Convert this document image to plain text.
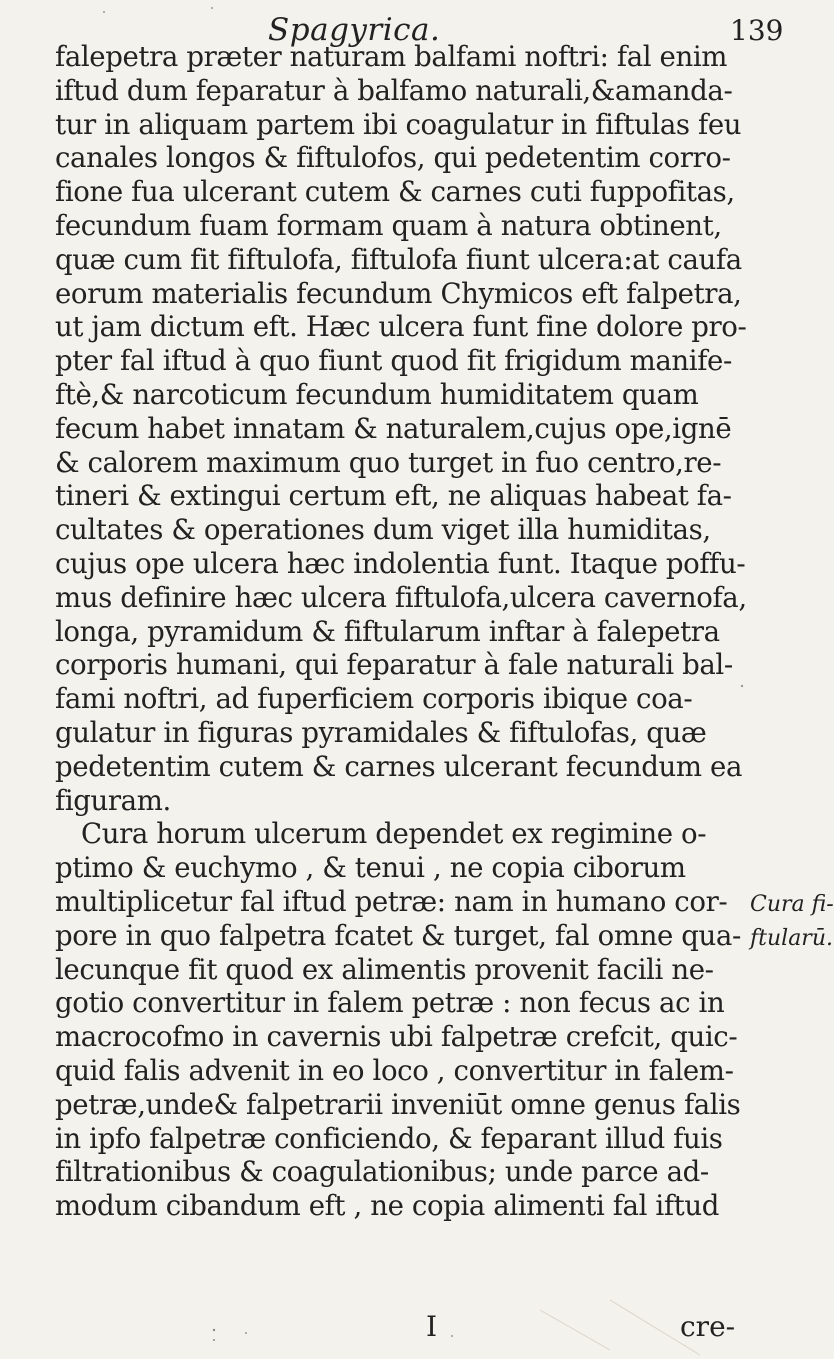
Spagyrica.	139
falepetra præter naturam balfami noftri: fal enim
iftud dum feparatur à balfamo naturali,&amanda-
tur in aliquam partem ibi coagulatur in fiftulas feu
canales longos & fiftulofos, qui pedetentim corro-
fione fua ulcerant cutem & carnes cuti fuppofitas,
fecundum fuam formam quam à natura obtinent,
quæ cum fit fiftulofa, fiftulofa fiunt ulcera:at caufa
eorum materialis fecundum Chymicos eft falpetra,
ut jam dictum eft. Hæc ulcera funt fine dolore pro-
pter fal iftud à quo fiunt quod fit frigidum manife-
ftè,& narcoticum fecundum humiditatem quam
fecum habet innatam & naturalem,cujus ope,ignē
& calorem maximum quo turget in fuo centro,re-
tineri & extingui certum eft, ne aliquas habeat fa-
cultates & operationes dum viget illa humiditas,
cujus ope ulcera hæc indolentia funt. Itaque poffu-
mus definire hæc ulcera fiftulofa,ulcera cavernofa,
longa, pyramidum & fiftularum inftar à falepetra
corporis humani, qui feparatur à fale naturali bal-
fami noftri, ad fuperficiem corporis ibique coa-
gulatur in figuras pyramidales & fiftulofas, quæ
pedetentim cutem & carnes ulcerant fecundum ea
figuram.
Cura horum ulcerum dependet ex regimine o-
ptimo & euchymo , & tenui , ne copia ciborum
multiplicetur fal iftud petræ: nam in humano cor-
pore in quo falpetra fcatet & turget, fal omne qua-
lecunque fit quod ex alimentis provenit facili ne-
gotio convertitur in falem petræ : non fecus ac in
macrocofmo in cavernis ubi falpetræ crefcit, quic-
quid falis advenit in eo loco , convertitur in falem-
petræ,unde& falpetrarii inveniūt omne genus falis
in ipfo falpetræ conficiendo, & feparant illud fuis
filtrationibus & coagulationibus; unde parce ad-
modum cibandum eft , ne copia alimenti fal iftud
Cura fi-
ftularū.
I	cre-
